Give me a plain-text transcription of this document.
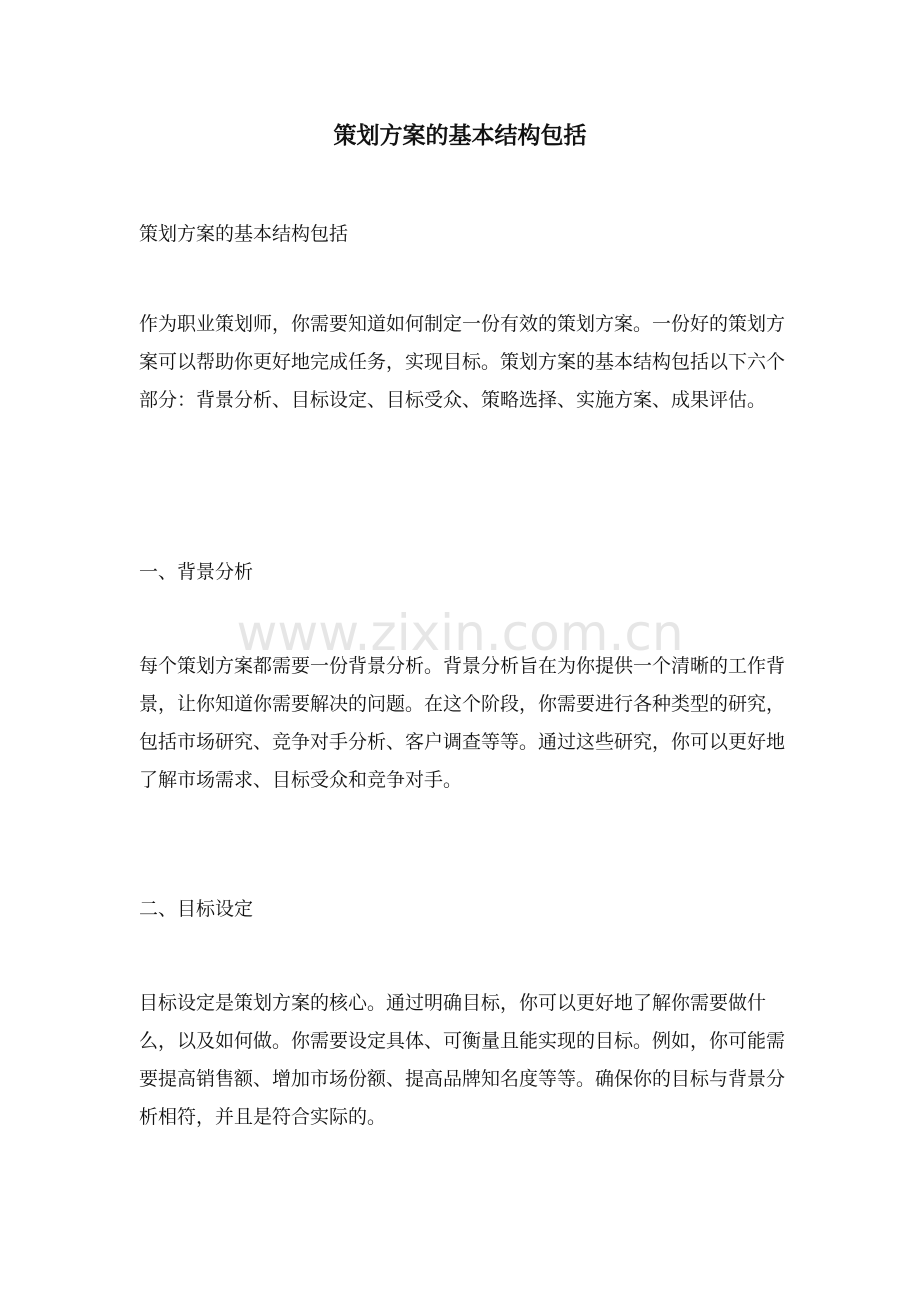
策划方案的基本结构包括

策划方案的基本结构包括

作为职业策划师，你需要知道如何制定一份有效的策划方案。一份好的策划方案可以帮助你更好地完成任务，实现目标。策划方案的基本结构包括以下六个部分：背景分析、目标设定、目标受众、策略选择、实施方案、成果评估。

一、背景分析

每个策划方案都需要一份背景分析。背景分析旨在为你提供一个清晰的工作背景，让你知道你需要解决的问题。在这个阶段，你需要进行各种类型的研究，包括市场研究、竞争对手分析、客户调查等等。通过这些研究，你可以更好地了解市场需求、目标受众和竞争对手。

二、目标设定

目标设定是策划方案的核心。通过明确目标，你可以更好地了解你需要做什么，以及如何做。你需要设定具体、可衡量且能实现的目标。例如，你可能需要提高销售额、增加市场份额、提高品牌知名度等等。确保你的目标与背景分析相符，并且是符合实际的。

www.zixin.com.cn
